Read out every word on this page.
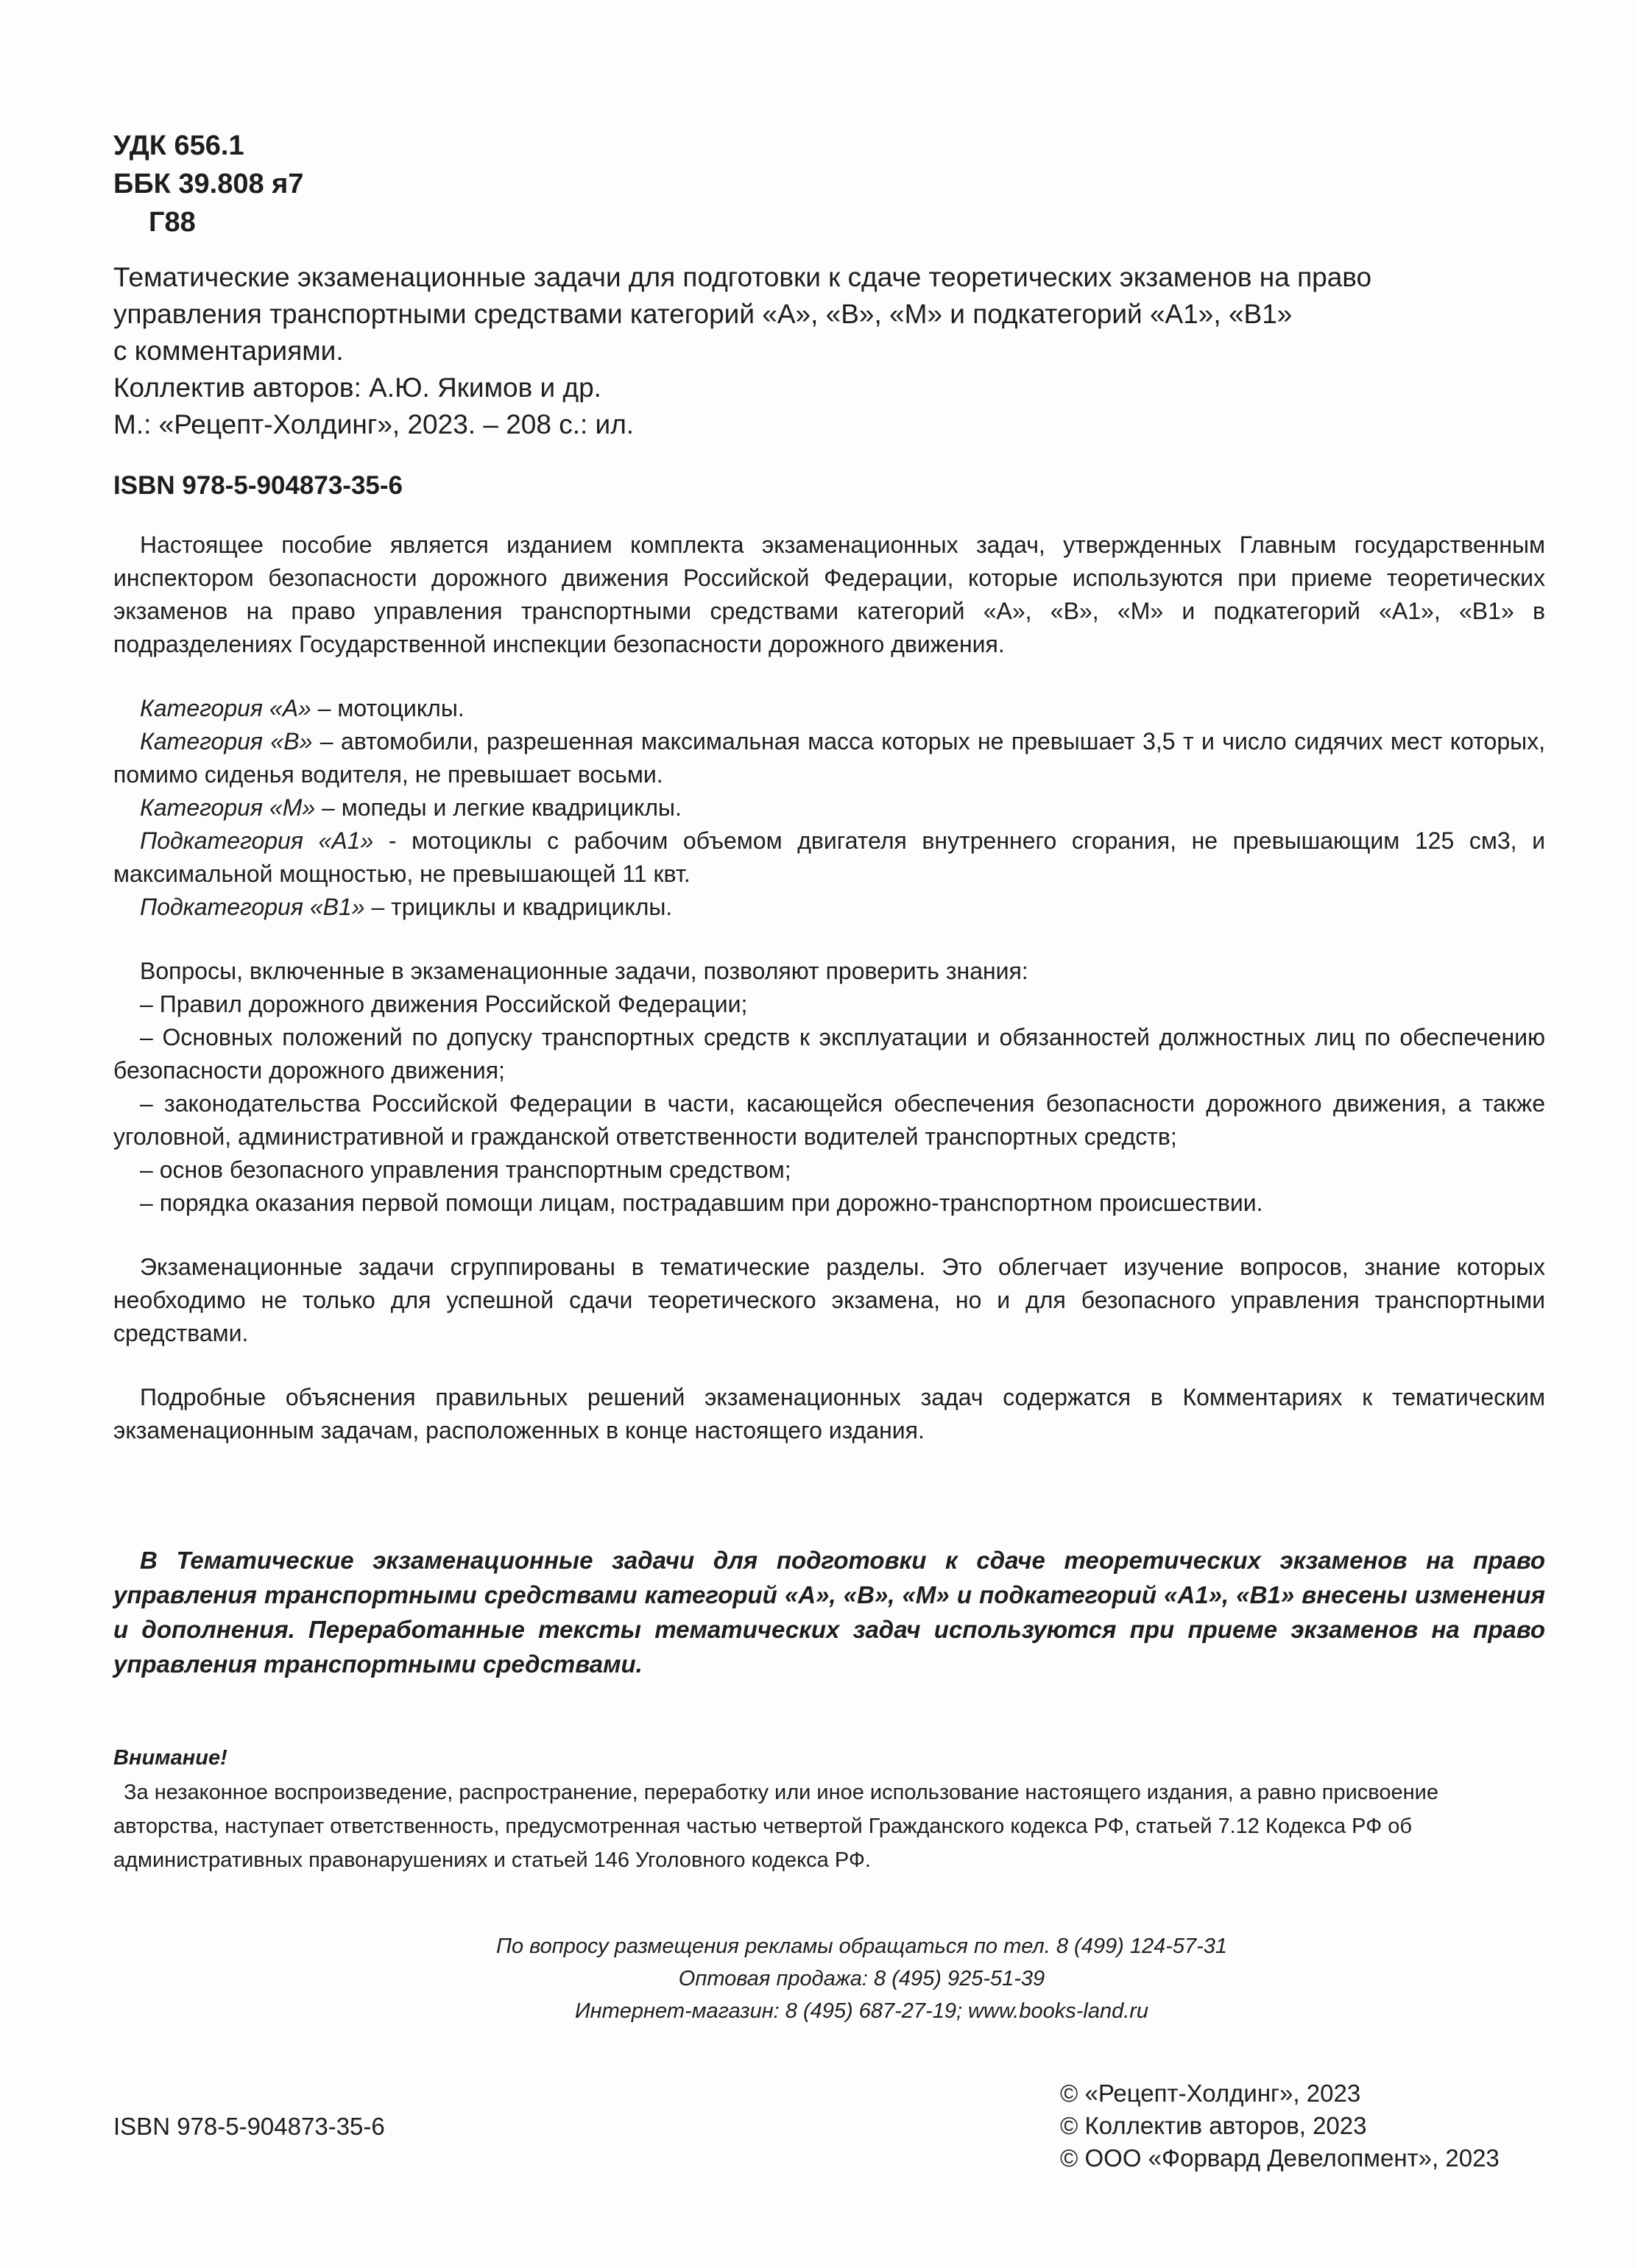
УДК 656.1
ББК 39.808 я7
Г88

Тематические экзаменационные задачи для подготовки к сдаче теоретических экзаменов на право

управления транспортными средствами категорий «А», «В», «М» и подкатегорий «А1», «В1»

с комментариями.

Коллектив авторов: А.Ю. Якимов и др.

М.: «Рецепт-Холдинг», 2023. – 208 с.: ил.

ISBN 978-5-904873-35-6

Настоящее пособие является изданием комплекта экзаменационных задач, утвержденных Главным государственным инспектором безопасности дорожного движения Российской Федерации, которые используются при приеме теоретических экзаменов на право управления транспортными средствами категорий «А», «В», «М» и подкатегорий «А1», «В1» в подразделениях Государственной инспекции безопасности дорожного движения.

Категория «А» – мотоциклы.

Категория «В» – автомобили, разрешенная максимальная масса которых не превышает 3,5 т и число сидячих мест которых, помимо сиденья водителя, не превышает восьми.

Категория «М» – мопеды и легкие квадрициклы.

Подкатегория «А1» - мотоциклы с рабочим объемом двигателя внутреннего сгорания, не превышающим 125 см3, и максимальной мощностью, не превышающей 11 квт.

Подкатегория «В1» – трициклы и квадрициклы.

Вопросы, включенные в экзаменационные задачи, позволяют проверить знания:

– Правил дорожного движения Российской Федерации;

– Основных положений по допуску транспортных средств к эксплуатации и обязанностей должностных лиц по обеспечению безопасности дорожного движения;

– законодательства Российской Федерации в части, касающейся обеспечения безопасности дорожного движения, а также уголовной, административной и гражданской ответственности водителей транспортных средств;

– основ безопасного управления транспортным средством;

– порядка оказания первой помощи лицам, пострадавшим при дорожно-транспортном происшествии.

Экзаменационные задачи сгруппированы в тематические разделы. Это облегчает изучение вопросов, знание которых необходимо не только для успешной сдачи теоретического экзамена, но и для безопасного управления транспортными средствами.

Подробные объяснения правильных решений экзаменационных задач содержатся в Комментариях к тематическим экзаменационным задачам, расположенных в конце настоящего издания.

В Тематические экзаменационные задачи для подготовки к сдаче теоретических экзаменов на право управления транспортными средствами категорий «А», «В», «М» и подкатегорий «А1», «В1» внесены изменения и дополнения. Переработанные тексты тематических задач используются при приеме экзаменов на право управления транспортными средствами.
Внимание!
За незаконное воспроизведение, распространение, переработку или иное использование настоящего издания, а равно присвоение авторства, наступает ответственность, предусмотренная частью четвертой Гражданского кодекса РФ, статьей 7.12 Кодекса РФ об административных правонарушениях и статьей 146 Уголовного кодекса РФ.
По вопросу размещения рекламы обращаться по тел. 8 (499) 124-57-31
Оптовая продажа: 8 (495) 925-51-39
Интернет-магазин: 8 (495) 687-27-19; www.books-land.ru
ISBN 978-5-904873-35-6
© «Рецепт-Холдинг», 2023
© Коллектив авторов, 2023
© ООО «Форвард Девелопмент», 2023
